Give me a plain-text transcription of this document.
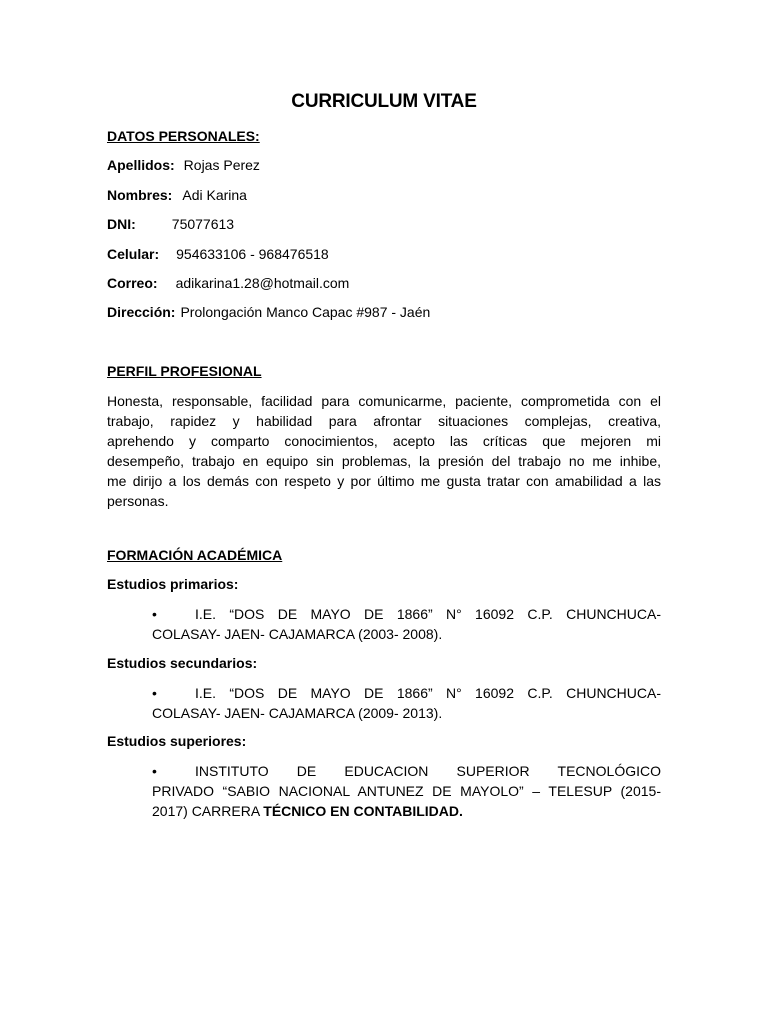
CURRICULUM VITAE
DATOS PERSONALES:
Apellidos: Rojas Perez
Nombres: Adi Karina
DNI:	75077613
Celular: 954633106 - 968476518
Correo: adikarina1.28@hotmail.com
Dirección: Prolongación Manco Capac #987 - Jaén
PERFIL PROFESIONAL
Honesta, responsable, facilidad para comunicarme, paciente, comprometida con el
trabajo, rapidez y habilidad para afrontar situaciones complejas, creativa,
aprehendo y comparto conocimientos, acepto las críticas que mejoren mi
desempeño, trabajo en equipo sin problemas, la presión del trabajo no me inhibe,
me dirijo a los demás con respeto y por último me gusta tratar con amabilidad a las
personas.
FORMACIÓN ACADÉMICA
Estudios primarios:
•	I.E. “DOS DE MAYO DE 1866” N° 16092 C.P. CHUNCHUCA-
COLASAY- JAEN- CAJAMARCA (2003- 2008).
Estudios secundarios:
•	I.E. “DOS DE MAYO DE 1866” N° 16092 C.P. CHUNCHUCA-
COLASAY- JAEN- CAJAMARCA (2009- 2013).
Estudios superiores:
•	INSTITUTO DE EDUCACION SUPERIOR TECNOLÓGICO
PRIVADO “SABIO NACIONAL ANTUNEZ DE MAYOLO” – TELESUP (2015-
2017) CARRERA TÉCNICO EN CONTABILIDAD.
